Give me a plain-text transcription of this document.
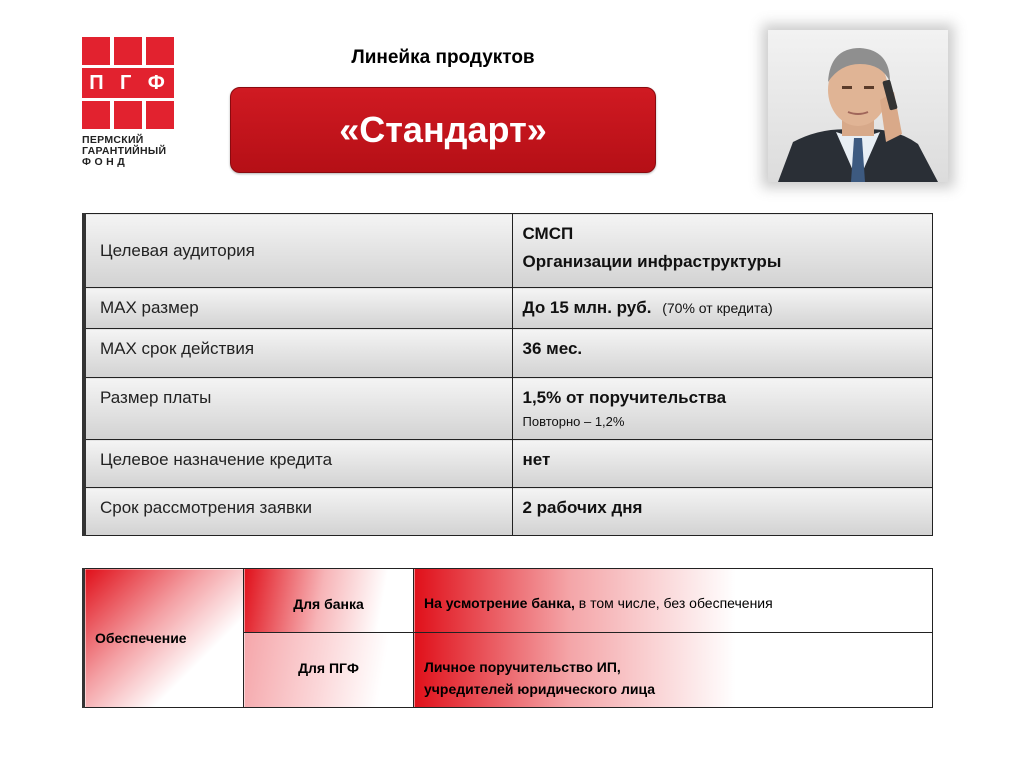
П Г Ф
ПЕРМСКИЙ
ГАРАНТИЙНЫЙ
Ф О Н Д
Линейка продуктов
«Стандарт»
Целевая аудитория	СМСП
Организации инфраструктуры

MAX размер	До 15 млн. руб. (70% от кредита)
MAX срок действия	36 мес.
Размер платы	1,5% от поручительства
Повторно – 1,2%

Целевое назначение кредита	нет
Срок рассмотрения заявки	2 рабочих дня
Обеспечение	Для банка	На усмотрение банка, в том числе, без обеспечения
	Для ПГФ	Личное поручительство ИП,
учредителей юридического лица
